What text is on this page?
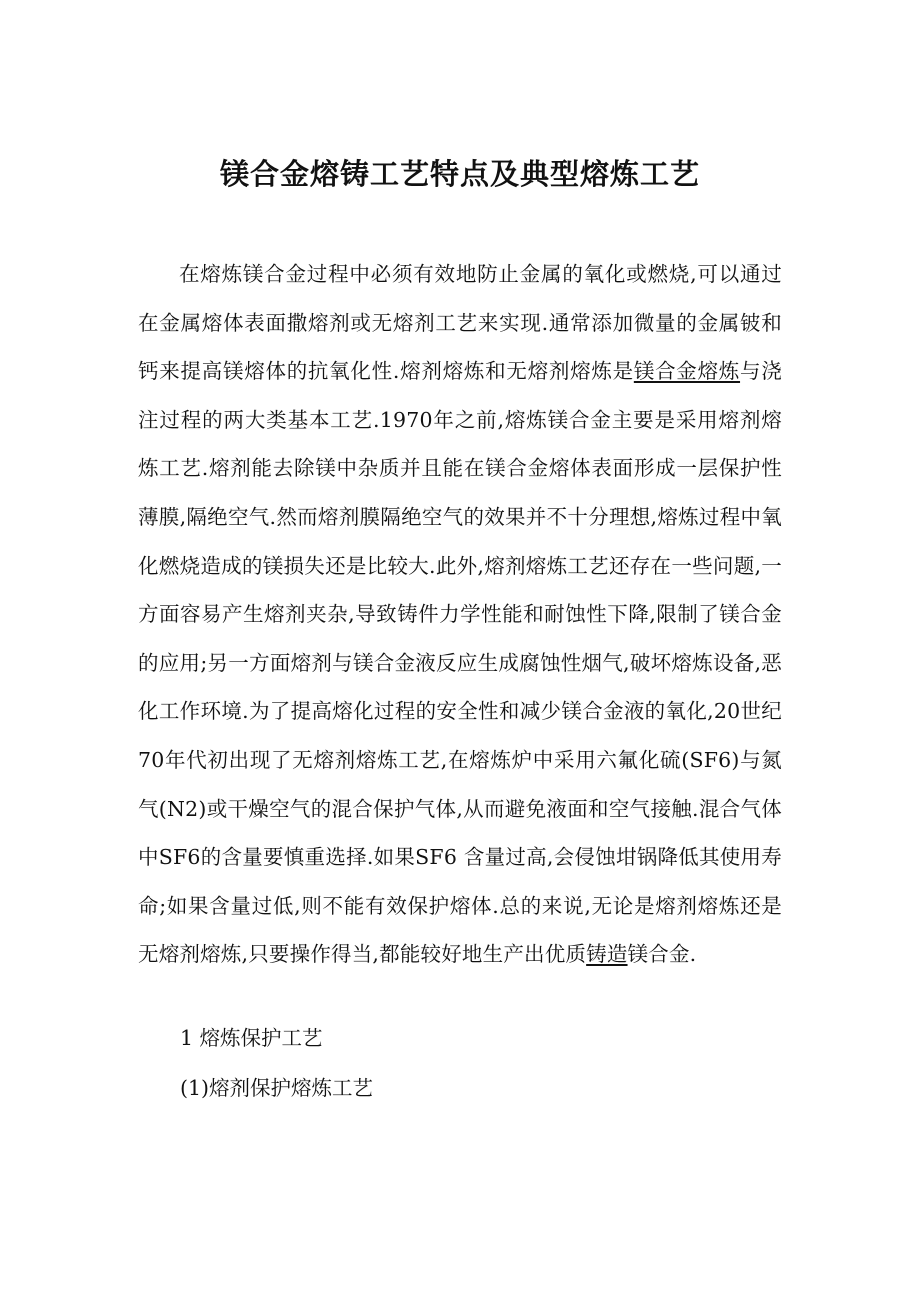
镁合金熔铸工艺特点及典型熔炼工艺

在熔炼镁合金过程中必须有效地防止金属的氧化或燃烧,可以通过在金属熔体表面撒熔剂或无熔剂工艺来实现.通常添加微量的金属铍和钙来提高镁熔体的抗氧化性.熔剂熔炼和无熔剂熔炼是镁合金熔炼与浇注过程的两大类基本工艺.1970年之前,熔炼镁合金主要是采用熔剂熔炼工艺.熔剂能去除镁中杂质并且能在镁合金熔体表面形成一层保护性薄膜,隔绝空气.然而熔剂膜隔绝空气的效果并不十分理想,熔炼过程中氧化燃烧造成的镁损失还是比较大.此外,熔剂熔炼工艺还存在一些问题,一方面容易产生熔剂夹杂,导致铸件力学性能和耐蚀性下降,限制了镁合金的应用;另一方面熔剂与镁合金液反应生成腐蚀性烟气,破坏熔炼设备,恶化工作环境.为了提高熔化过程的安全性和减少镁合金液的氧化,20世纪70年代初出现了无熔剂熔炼工艺,在熔炼炉中采用六氟化硫(SF6)与氮气(N2)或干燥空气的混合保护气体,从而避免液面和空气接触.混合气体中SF6的含量要慎重选择.如果SF6 含量过高,会侵蚀坩锅降低其使用寿命;如果含量过低,则不能有效保护熔体.总的来说,无论是熔剂熔炼还是无熔剂熔炼,只要操作得当,都能较好地生产出优质铸造镁合金.

1 熔炼保护工艺

(1)熔剂保护熔炼工艺
